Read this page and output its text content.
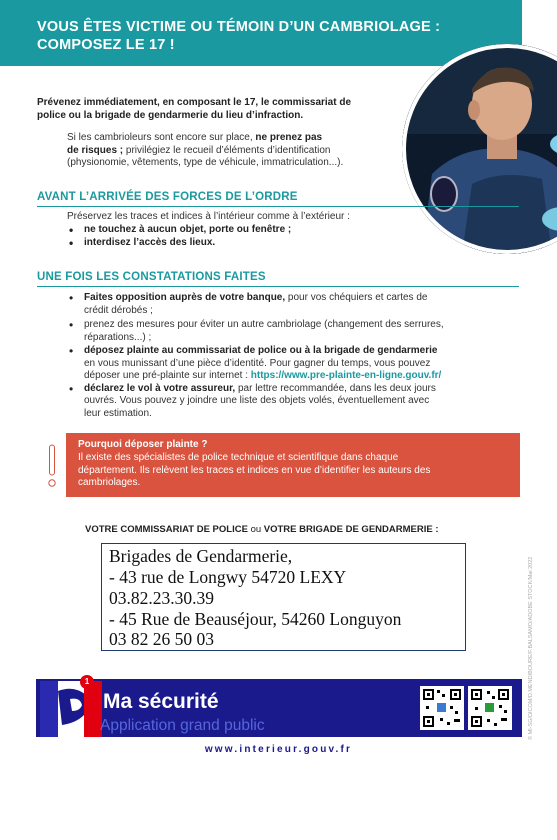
VOUS ÊTES VICTIME OU TÉMOIN D’UN CAMBRIOLAGE :
COMPOSEZ LE 17 !
Prévenez immédiatement, en composant le 17, le commissariat de
police ou la brigade de gendarmerie du lieu d’infraction.
Si les cambrioleurs sont encore sur place, ne prenez pas
de risques ; privilégiez le recueil d’éléments d’identification
(physionomie, vêtements, type de véhicule, immatriculation...).
AVANT L’ARRIVÉE DES FORCES DE L’ORDRE
Préservez les traces et indices à l’intérieur comme à l’extérieur :
• ne touchez à aucun objet, porte ou fenêtre ;
• interdisez l’accès des lieux.
UNE FOIS LES CONSTATATIONS FAITES
• Faites opposition auprès de votre banque, pour vos chéquiers et cartes de
crédit dérobés ;
• prenez des mesures pour éviter un autre cambriolage (changement des serrures,
réparations...) ;
• déposez plainte au commissariat de police ou à la brigade de gendarmerie
en vous munissant d’une pièce d’identité. Pour gagner du temps, vous pouvez
déposer une pré-plainte sur internet : https://www.pre-plainte-en-ligne.gouv.fr/
• déclarez le vol à votre assureur, par lettre recommandée, dans les deux jours
ouvrés. Vous pouvez y joindre une liste des objets volés, éventuellement avec
leur estimation.
Pourquoi déposer plainte ?
Il existe des spécialistes de police technique et scientifique dans chaque
département. Ils relèvent les traces et indices en vue d’identifier les auteurs des
cambriolages.
VOTRE COMMISSARIAT DE POLICE ou VOTRE BRIGADE DE GENDARMERIE :
Brigades de Gendarmerie,
- 43 rue de Longwy 54720 LEXY
03.82.23.30.39
- 45 Rue de Beauséjour, 54260 Longuyon
03 82 26 50 03
1
Ma sécurité
Application grand public
www.interieur.gouv.fr
© MI-SG/DICOM/D.MENDIBOURE/F.BALSAMO/ADOBE STOCK/Mai 2022
